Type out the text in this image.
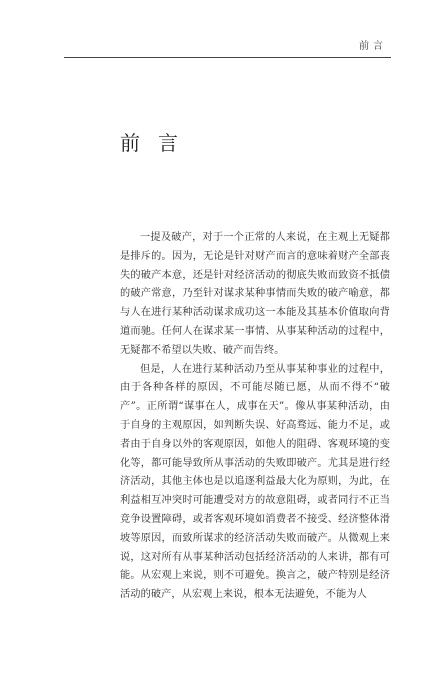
前言
前言

一提及破产，对于一个正常的人来说，在主观上无疑都是排斥的。因为，无论是针对财产而言的意味着财产全部丧失的破产本意，还是针对经济活动的彻底失败而致资不抵债的破产常意，乃至针对谋求某种事情而失败的破产喻意，都与人在进行某种活动谋求成功这一本能及其基本价值取向背道而驰。任何人在谋求某一事情、从事某种活动的过程中，无疑都不希望以失败、破产而告终。

但是，人在进行某种活动乃至从事某种事业的过程中，由于各种各样的原因，不可能尽随已愿，从而不得不“破产”。正所谓“谋事在人，成事在天”。像从事某种活动，由于自身的主观原因，如判断失误、好高骛远、能力不足，或者由于自身以外的客观原因，如他人的阻碍、客观环境的变化等，都可能导致所从事活动的失败即破产。尤其是进行经济活动，其他主体也是以追逐利益最大化为原则，为此，在利益相互冲突时可能遭受对方的故意阻碍，或者同行不正当竞争设置障碍，或者客观环境如消费者不接受、经济整体滑坡等原因，而致所谋求的经济活动失败而破产。从微观上来说，这对所有从事某种活动包括经济活动的人来讲，都有可能。从宏观上来说，则不可避免。换言之，破产特别是经济活动的破产，从宏观上来说，根本无法避免，不能为人
